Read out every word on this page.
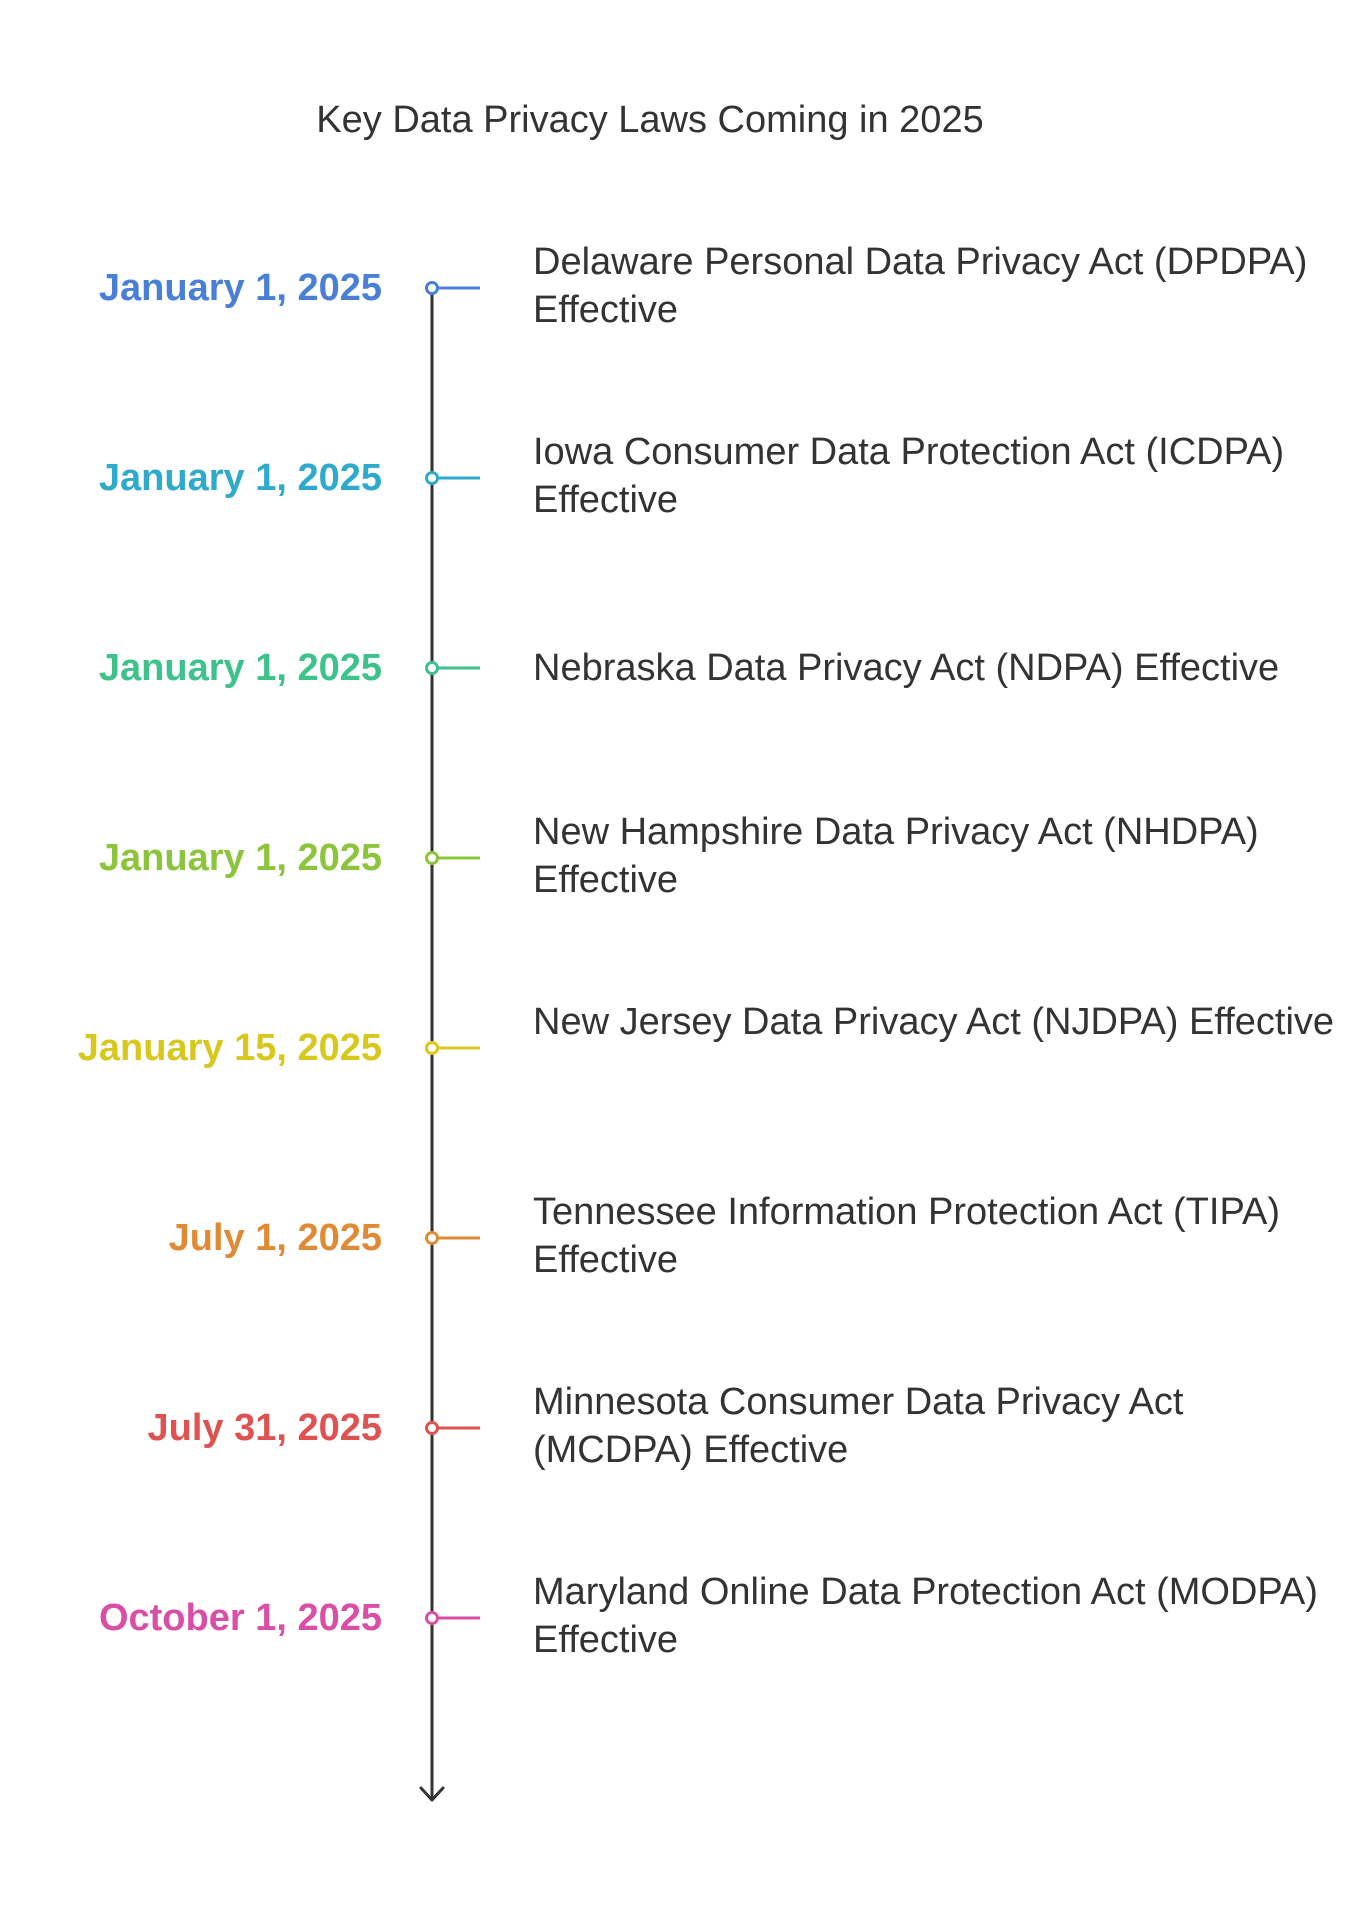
Key Data Privacy Laws Coming in 2025
January 1, 2025
Delaware Personal Data Privacy Act (DPDPA) Effective
January 1, 2025
Iowa Consumer Data Protection Act (ICDPA) Effective
January 1, 2025	Nebraska Data Privacy Act (NDPA) Effective
January 1, 2025
New Hampshire Data Privacy Act (NHDPA) Effective
January 15, 2025
New Jersey Data Privacy Act (NJDPA) Effective
July 1, 2025
Tennessee Information Protection Act (TIPA) Effective
July 31, 2025
Minnesota Consumer Data Privacy Act (MCDPA) Effective
October 1, 2025
Maryland Online Data Protection Act (MODPA) Effective
